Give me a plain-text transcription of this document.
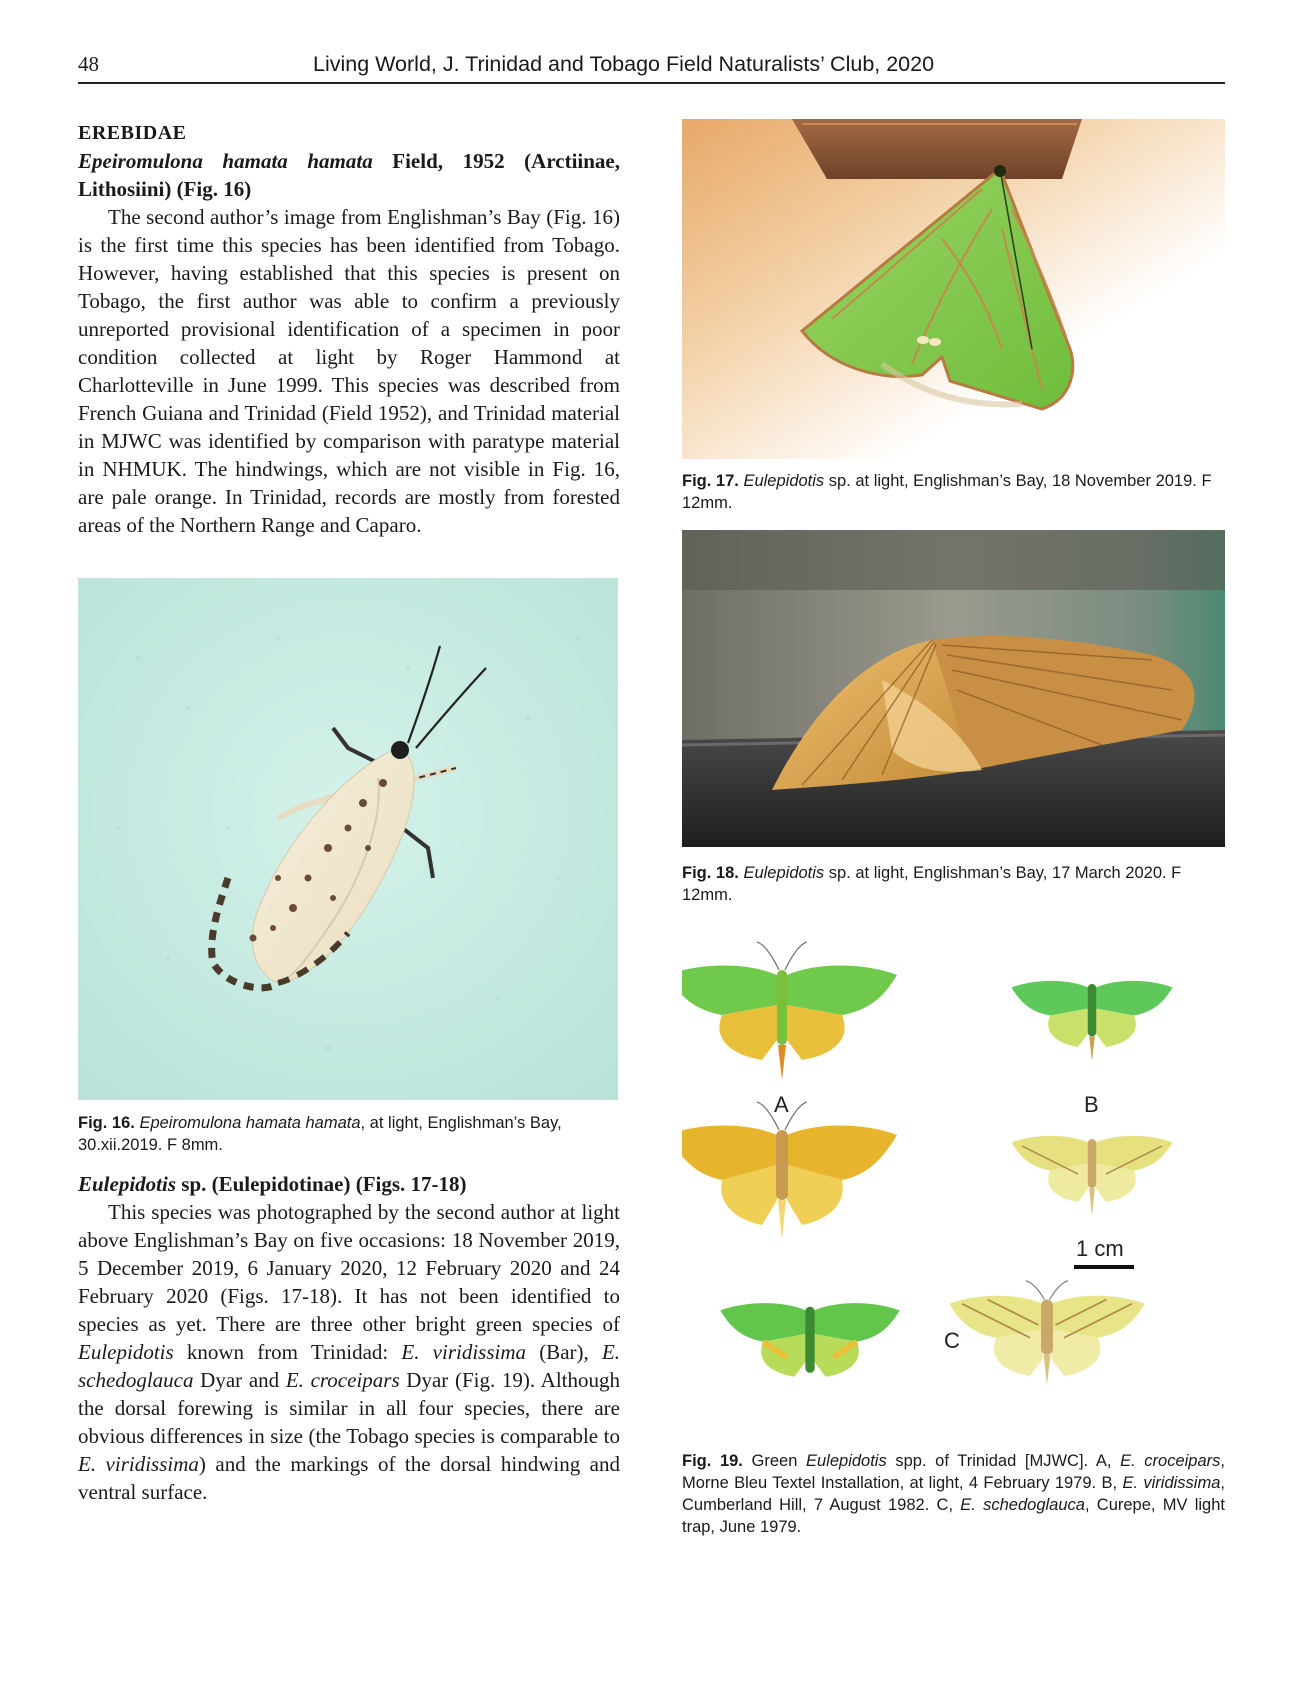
48	Living World, J. Trinidad and Tobago Field Naturalists’ Club, 2020

EREBIDAE

Epeiromulona hamata hamata Field, 1952 (Arctiinae, Lithosiini) (Fig. 16)

The second author’s image from Englishman’s Bay (Fig. 16) is the first time this species has been identified from Tobago. However, having established that this species is present on Tobago, the first author was able to confirm a previously unreported provisional identification of a specimen in poor condition collected at light by Roger Hammond at Charlotteville in June 1999. This species was described from French Guiana and Trinidad (Field 1952), and Trinidad material in MJWC was identified by comparison with paratype material in NHMUK. The hindwings, which are not visible in Fig. 16, are pale orange. In Trinidad, records are mostly from forested areas of the Northern Range and Caparo.

Fig. 16. Epeiromulona hamata hamata, at light, Englishman’s Bay, 30.xii.2019. F 8mm.

Eulepidotis sp. (Eulepidotinae) (Figs. 17-18)

This species was photographed by the second author at light above Englishman’s Bay on five occasions: 18 November 2019, 5 December 2019, 6 January 2020, 12 February 2020 and 24 February 2020 (Figs. 17-18). It has not been identified to species as yet. There are three other bright green species of Eulepidotis known from Trinidad: E. viridissima (Bar), E. schedoglauca Dyar and E. croceipars Dyar (Fig. 19). Although the dorsal forewing is similar in all four species, there are obvious differences in size (the Tobago species is comparable to E. viridissima) and the markings of the dorsal hindwing and ventral surface.

Fig. 17. Eulepidotis sp. at light, Englishman’s Bay, 18 November 2019. F 12mm.

Fig. 18. Eulepidotis sp. at light, Englishman’s Bay, 17 March 2020. F 12mm.

A	B
C
1 cm

Fig. 19. Green Eulepidotis spp. of Trinidad [MJWC]. A, E. croceipars, Morne Bleu Textel Installation, at light, 4 February 1979. B, E. viridissima, Cumberland Hill, 7 August 1982. C, E. schedoglauca, Curepe, MV light trap, June 1979.
